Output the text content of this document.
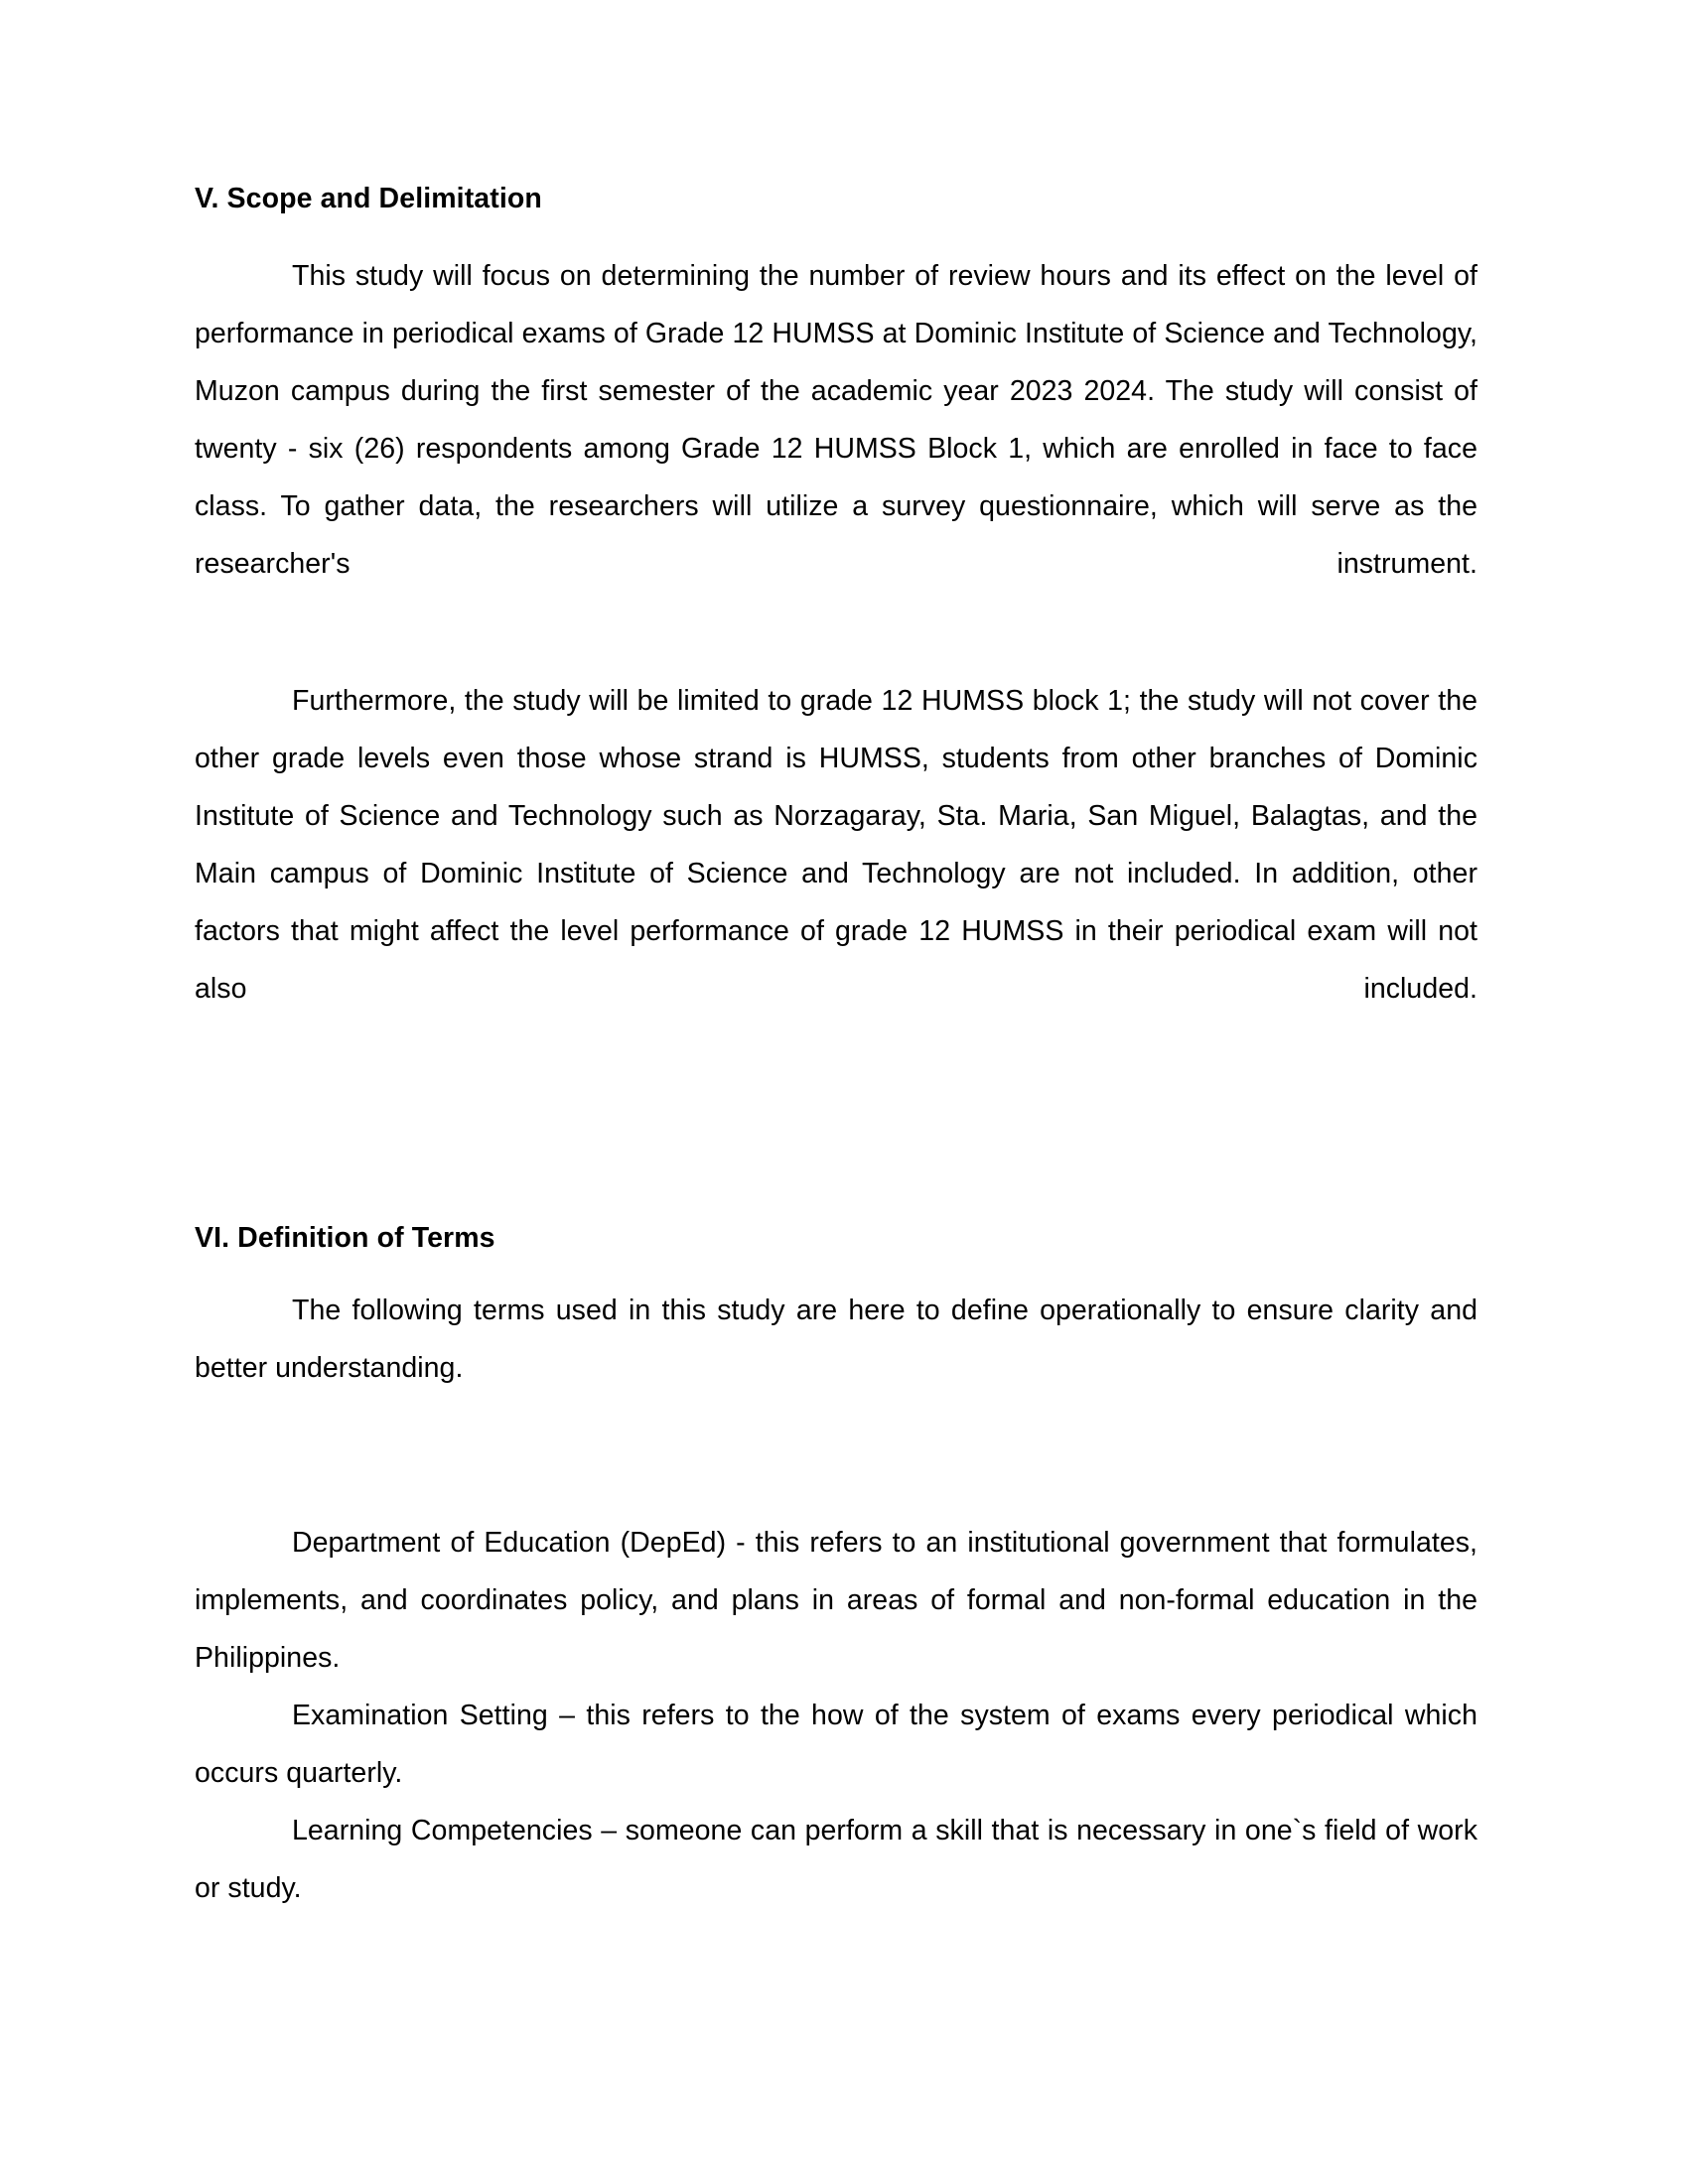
V. Scope and Delimitation

This study will focus on determining the number of review hours and its effect on the level of performance in periodical exams of Grade 12 HUMSS at Dominic Institute of Science and Technology, Muzon campus during the first semester of the academic year 2023 2024. The study will consist of twenty - six (26) respondents among Grade 12 HUMSS Block 1, which are enrolled in face to face class. To gather data, the researchers will utilize a survey questionnaire, which will serve as the researcher's instrument.

Furthermore, the study will be limited to grade 12 HUMSS block 1; the study will not cover the other grade levels even those whose strand is HUMSS, students from other branches of Dominic Institute of Science and Technology such as Norzagaray, Sta. Maria, San Miguel, Balagtas, and the Main campus of Dominic Institute of Science and Technology are not included. In addition, other factors that might affect the level performance of grade 12 HUMSS in their periodical exam will not also included.

VI. Definition of Terms

The following terms used in this study are here to define operationally to ensure clarity and better understanding.

Department of Education (DepEd) - this refers to an institutional government that formulates, implements, and coordinates policy, and plans in areas of formal and non-formal education in the Philippines.

Examination Setting – this refers to the how of the system of exams every periodical which occurs quarterly.

Learning Competencies – someone can perform a skill that is necessary in one`s field of work or study.
